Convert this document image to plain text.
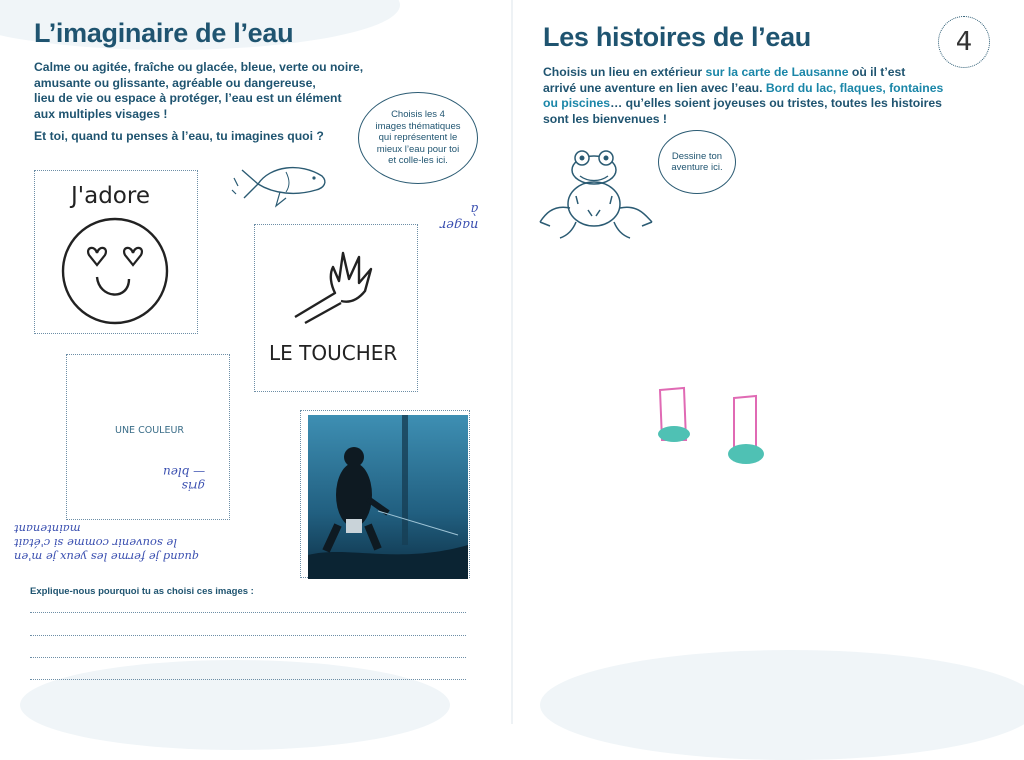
L’imaginaire de l’eau
Calme ou agitée, fraîche ou glacée, bleue, verte ou noire,
amusante ou glissante, agréable ou dangereuse,
lieu de vie ou espace à protéger, l’eau est un élément
aux multiples visages !
Et toi, quand tu penses à l’eau, tu imagines quoi ?
Choisis les 4
images thématiques
qui représentent le
mieux l’eau pour toi
et colle-les ici.
J'adore
LE TOUCHER
nager
à
UNE COULEUR
gris
— bleu
quand je ferme les yeux je m'en
le souvenir comme si c'était
maintenant
Explique-nous pourquoi tu as choisi ces images :
Les histoires de l’eau
Choisis un lieu en extérieur sur la carte de Lausanne où il t’est
arrivé une aventure en lien avec l’eau. Bord du lac, flaques, fontaines
ou piscines… qu’elles soient joyeuses ou tristes, toutes les histoires
sont les bienvenues !
4
Dessine ton
aventure ici.
